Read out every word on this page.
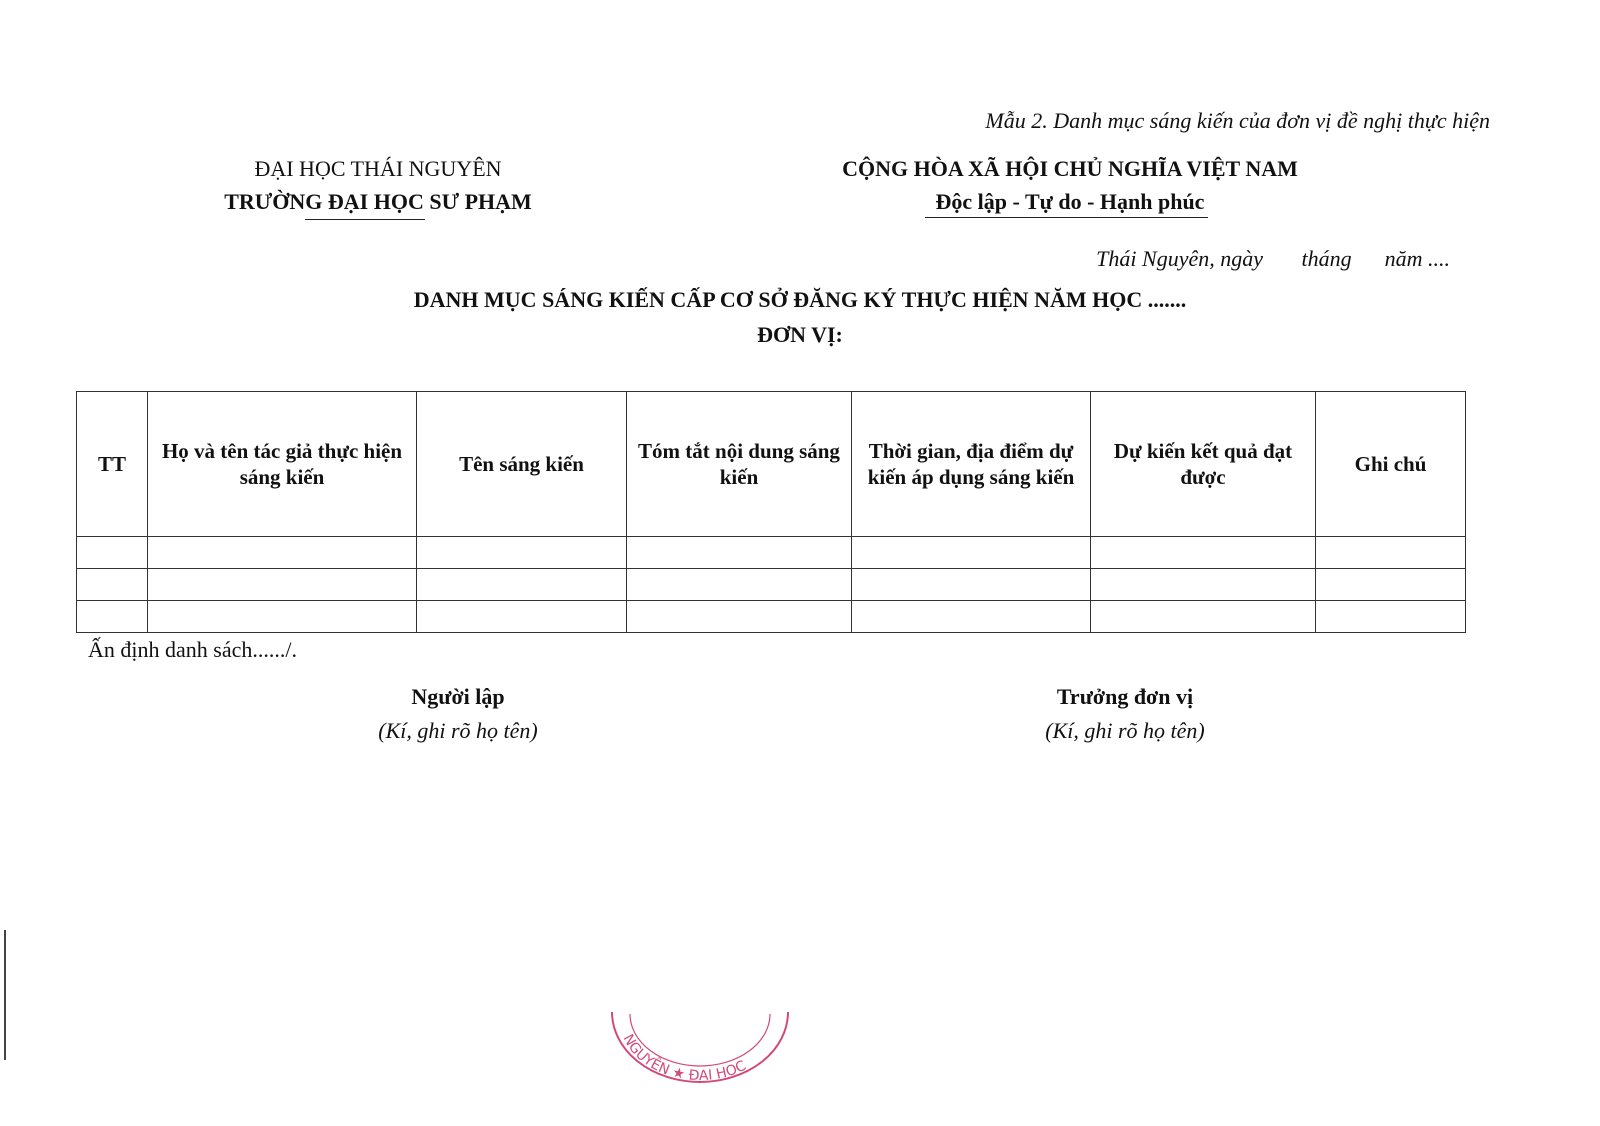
Mẫu 2. Danh mục sáng kiến của đơn vị đề nghị thực hiện
ĐẠI HỌC THÁI NGUYÊN
TRƯỜNG ĐẠI HỌC SƯ PHẠM
CỘNG HÒA XÃ HỘI CHỦ NGHĨA VIỆT NAM
Độc lập - Tự do - Hạnh phúc
Thái Nguyên, ngày       tháng      năm ....
DANH MỤC SÁNG KIẾN CẤP CƠ SỞ ĐĂNG KÝ THỰC HIỆN NĂM HỌC .......
ĐƠN VỊ:
TT	Họ và tên tác giả thực hiện sáng kiến	Tên sáng kiến	Tóm tắt nội dung sáng kiến	Thời gian, địa điểm dự kiến áp dụng sáng kiến	Dự kiến kết quả đạt được	Ghi chú

Ấn định danh sách....../.
Người lập
(Kí, ghi rõ họ tên)
Trưởng đơn vị
(Kí, ghi rõ họ tên)
NGUYÊN ★ ĐẠI HỌC
